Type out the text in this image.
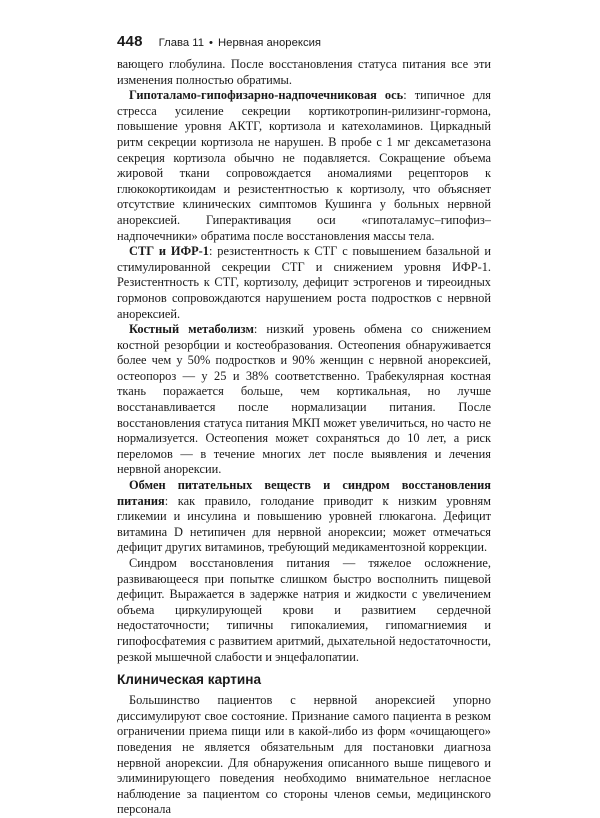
448 Глава 11 • Нервная анорексия

вающего глобулина. После восстановления статуса питания все эти изменения полностью обратимы.

Гипоталамо-гипофизарно-надпочечниковая ось: типичное для стресса усиление секреции кортикотропин-рилизинг-гормона, повышение уровня АКТГ, кортизола и катехоламинов. Циркадный ритм секреции кортизола не нарушен. В пробе с 1 мг дексаметазона секреция кортизола обычно не подавляется. Сокращение объема жировой ткани сопровождается аномалиями рецепторов к глюкокортикоидам и резистентностью к кортизолу, что объясняет отсутствие клинических симптомов Кушинга у больных нервной анорексией. Гиперактивация оси «гипоталамус–гипофиз–надпочечники» обратима после восстановления массы тела.

СТГ и ИФР-1: резистентность к СТГ с повышением базальной и стимулированной секреции СТГ и снижением уровня ИФР-1. Резистентность к СТГ, кортизолу, дефицит эстрогенов и тиреоидных гормонов сопровождаются нарушением роста подростков с нервной анорексией.

Костный метаболизм: низкий уровень обмена со снижением костной резорбции и костеобразования. Остеопения обнаруживается более чем у 50% подростков и 90% женщин с нервной анорексией, остеопороз — у 25 и 38% соответственно. Трабекулярная костная ткань поражается больше, чем кортикальная, но лучше восстанавливается после нормализации питания. После восстановления статуса питания МКП может увеличиться, но часто не нормализуется. Остеопения может сохраняться до 10 лет, а риск переломов — в течение многих лет после выявления и лечения нервной анорексии.

Обмен питательных веществ и синдром восстановления питания: как правило, голодание приводит к низким уровням гликемии и инсулина и повышению уровней глюкагона. Дефицит витамина D нетипичен для нервной анорексии; может отмечаться дефицит других витаминов, требующий медикаментозной коррекции.

Синдром восстановления питания — тяжелое осложнение, развивающееся при попытке слишком быстро восполнить пищевой дефицит. Выражается в задержке натрия и жидкости с увеличением объема циркулирующей крови и развитием сердечной недостаточности; типичны гипокалиемия, гипомагниемия и гипофосфатемия с развитием аритмий, дыхательной недостаточности, резкой мышечной слабости и энцефалопатии.

Клиническая картина

Большинство пациентов с нервной анорексией упорно диссимулируют свое состояние. Признание самого пациента в резком ограничении приема пищи или в какой-либо из форм «очищающего» поведения не является обязательным для постановки диагноза нервной анорексии. Для обнаружения описанного выше пищевого и элиминирующего поведения необходимо внимательное негласное наблюдение за пациентом со стороны членов семьи, медицинского персонала
